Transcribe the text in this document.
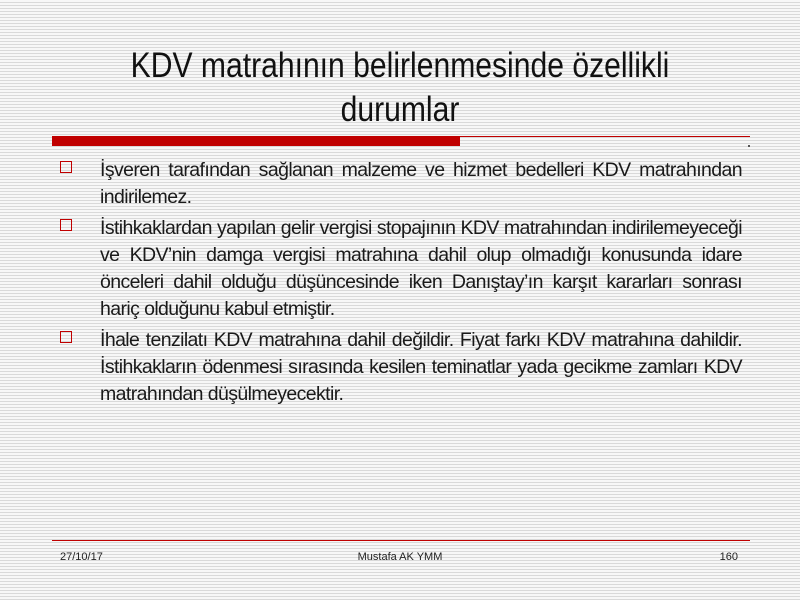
KDV matrahının belirlenmesinde özellikli
durumlar
İşveren tarafından sağlanan malzeme ve hizmet bedelleri KDV matrahından indirilemez.
İstihkaklardan yapılan gelir vergisi stopajının KDV matrahından indirilemeyeceği ve KDV’nin damga vergisi matrahına dahil olup olmadığı konusunda idare önceleri dahil olduğu düşüncesinde iken Danıştay’ın karşıt kararları sonrası hariç olduğunu kabul etmiştir.
İhale tenzilatı KDV matrahına dahil değildir. Fiyat farkı KDV matrahına dahildir. İstihkakların ödenmesi sırasında kesilen teminatlar yada gecikme zamları KDV matrahından düşülmeyecektir.
27/10/17	Mustafa AK YMM	160
